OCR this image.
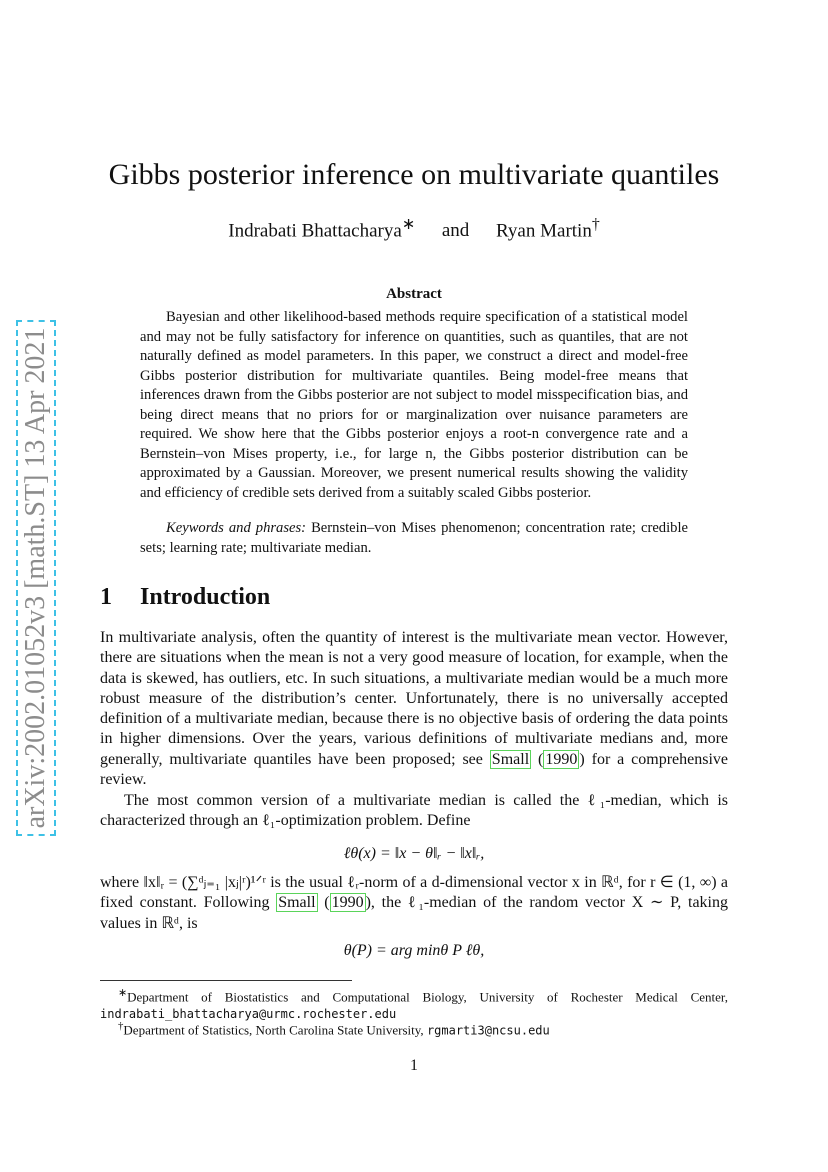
arXiv:2002.01052v3 [math.ST] 13 Apr 2021
Gibbs posterior inference on multivariate quantiles
Indrabati Bhattacharya∗ and Ryan Martin†
Abstract

Bayesian and other likelihood-based methods require specification of a statistical model and may not be fully satisfactory for inference on quantities, such as quantiles, that are not naturally defined as model parameters. In this paper, we construct a direct and model-free Gibbs posterior distribution for multivariate quantiles. Being model-free means that inferences drawn from the Gibbs posterior are not subject to model misspecification bias, and being direct means that no priors for or marginalization over nuisance parameters are required. We show here that the Gibbs posterior enjoys a root-n convergence rate and a Bernstein–von Mises property, i.e., for large n, the Gibbs posterior distribution can be approximated by a Gaussian. Moreover, we present numerical results showing the validity and efficiency of credible sets derived from a suitably scaled Gibbs posterior.

Keywords and phrases: Bernstein–von Mises phenomenon; concentration rate; credible sets; learning rate; multivariate median.

1 Introduction

In multivariate analysis, often the quantity of interest is the multivariate mean vector. However, there are situations when the mean is not a very good measure of location, for example, when the data is skewed, has outliers, etc. In such situations, a multivariate median would be a much more robust measure of the distribution’s center. Unfortunately, there is no universally accepted definition of a multivariate median, because there is no objective basis of ordering the data points in higher dimensions. Over the years, various definitions of multivariate medians and, more generally, multivariate quantiles have been proposed; see Small ( 1990 ) for a comprehensive review.

The most common version of a multivariate median is called the ℓ₁-median, which is characterized through an ℓ₁-optimization problem. Define

ℓθ(x) = ‖x − θ‖ᵣ − ‖x‖ᵣ,

where ‖x‖ᵣ = (∑ᵈⱼ₌₁ |xⱼ|ʳ)¹ᐟʳ is the usual ℓᵣ-norm of a d-dimensional vector x in ℝᵈ, for r ∈ (1, ∞) a fixed constant. Following Small ( 1990 ), the ℓ₁-median of the random vector X ∼ P, taking values in ℝᵈ, is

θ(P) = arg minθ P ℓθ,

∗Department of Biostatistics and Computational Biology, University of Rochester Medical Center, indrabati_bhattacharya@urmc.rochester.edu

†Department of Statistics, North Carolina State University, rgmarti3@ncsu.edu

1
